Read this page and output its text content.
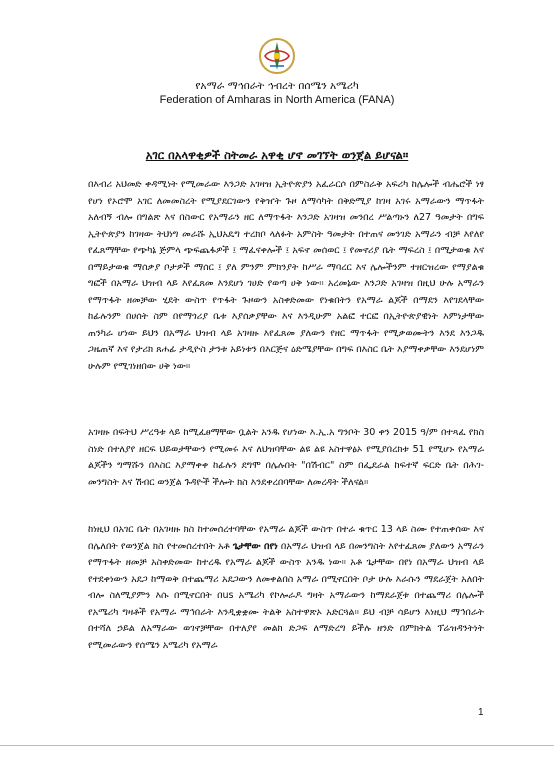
የአማራ ማኅበራት ኅብረት በሰሜን አሜሪካ
Federation of Amharas in North America (FANA)
አገር በአላዋቂዎች ስትመራ አዋቂ ሆኖ መገኘት ወንጀል ይሆናል።

በእብሪ አህመድ ቀዳሚነት የሚመራው እንጋድ አገዛዝ ኢትዮጵያን አፈራርሶ በምስራቅ አፍሪካ ከሌሎች ብሔሮች ነፃ የሆነ የኦሮሞ አገር ለመመስረት የሚያደርገውን የቅዠት ጉዞ ለማሳካት በቅድሚያ ከገዛ አገሩ አማራውን ማጥፋት አለብኝ ብሎ በግልጽ እና በስውር የአማራን ዘር ለማጥፋት እንጋድ አገዛዝ መንበረ ሥልጣኑን ለ27 ዓመታት በግፍ ኢትዮጵያን ከገዛው ትህነግ መራሹ ኢህአዴግ ተረክቦ ላለፉት አምስት ዓመታት በተጠና መንገድ አማራን ብቻ እየለየ የፈጸማቸው የጭካኔ ጅምላ ጭፍጨፋዎች ፤ ማፈናቀሎች ፤ አፍኖ መሰወር ፤ የመኖሪያ ቤት ማፍረስ ፤ በሚታወቁ እና በማይታወቁ ማሰቃያ ቦታዎች ማሰር ፤ ያለ ምንም ምክንያት ከሥራ ማባረር እና ሌሎችንም ተዘርዝረው የማያልቁ ግፎች በአማራ ህዝብ ላይ እየፈጸመ እንደሆነ ገሀድ የወጣ ሀቅ ነው። አረመኔው እንጋድ አገዛዝ በዚህ ሁሉ አማራን የማጥፋት ዘመቻው ሂደት ውስጥ የጥፋት ጉዞውን አስቀድመው የነቁበትን የአማራ ልጆች በማደን እየገደላቸው ከፊሉንም በሀሰት ስም በየማጎሪያ ቤቱ እያሰቃያቸው እና እንዲሁም አልፎ ተርፎ በኢትዮጵያዊነት እምነታቸው ጠንካራ ሆነው ይህን በአማራ ህዝብ ላይ አገዛዙ እየፈጸመ ያለውን የዘር ማጥፋት የሚቃወሙትን እንደ እንጋዱ ጋዜጠኛ እና የታሪክ ጸሐፊ ታዲዮስ ታንቱ አይነቱን በእርጅና ዕድሜያቸው በግፍ በእስር ቤት እያማቀቃቸው እንደሆነም ሁሉም የሚገነዘበው ሀቅ ነው።

አገዛዙ በፍትህ ሥረዓቱ ላይ ከሚፈፀማቸው ቧልት አንዱ የሆነው እ.ኢ.አ ግንቦት 30 ቀን 2015 ዓ/ም በተጻፈ የክስ ስነድ በተለያየ ዘርፍ ህይወታቸውን የሚመሩ እና ለህዝባቸው ልዩ ልዩ አስተዋፅኦ የሚያበረክቱ 51 የሚሆኑ የአማራ ልጆችን ግማሹን በእስር እያማቀቀ ከፊሉን ደግሞ በሌሉበት "በሽብር" ስም በፌደራል ከፍተኛ ፍርድ ቤት በሕገ-መንግስት እና ሽብር ወንጀል ጉዳዮች ችሎት ክስ እንደቀረበባቸው ለመረዳት ችለናል።

ከነዚህ በአገር ቤት በአገዛዙ ክስ ከተመሰረተባቸው የአማራ ልጆች ውስጥ በተራ ቁጥር 13 ላይ ስሙ የተጠቀሰው እና በሌለበት የወንጀል ክስ የተመሰረተበት አቶ ጌታቸው በየነ በአማራ ህዝብ ላይ በመንግስት እየተፈጸመ ያለውን አማራን የማጥፋት ዘመቻ አስቀድመው ከተረዱ የአማራ ልጆች ውስጥ አንዱ ነው። አቶ ጌታቸው በየነ በአማራ ህዝብ ላይ የተደቀነውን አደጋ ከማወቅ በተጨማሪ አደጋውን ለመቀልበስ አማራ በሚኖርበት ቦታ ሁሉ እራሱን ማደራጀት አለበት ብሎ ስለሚያምን እሱ በሚኖርበት በus አሜሪካ የኮሎራዶ ግዛት አማራውን ከማደራጀቱ በተጨማሪ በሌሎች የአሜሪካ ግዛቶች የአማራ ማኅበራት እንዲቋቋሙ ትልቅ አስተዋጽኦ አድርጓል። ይህ ብቻ ሳይሆን እነዚህ ማኅበራት በተሻለ ኃይል ለአማራው ወገኖቻቸው በተለያየ መልክ ድጋፍ ለማድረግ ይችሉ ዘንድ በምክትል ፕሬዝዳንትነት የሚመራውን የሰሜን አሜሪካ የአማራ

1
